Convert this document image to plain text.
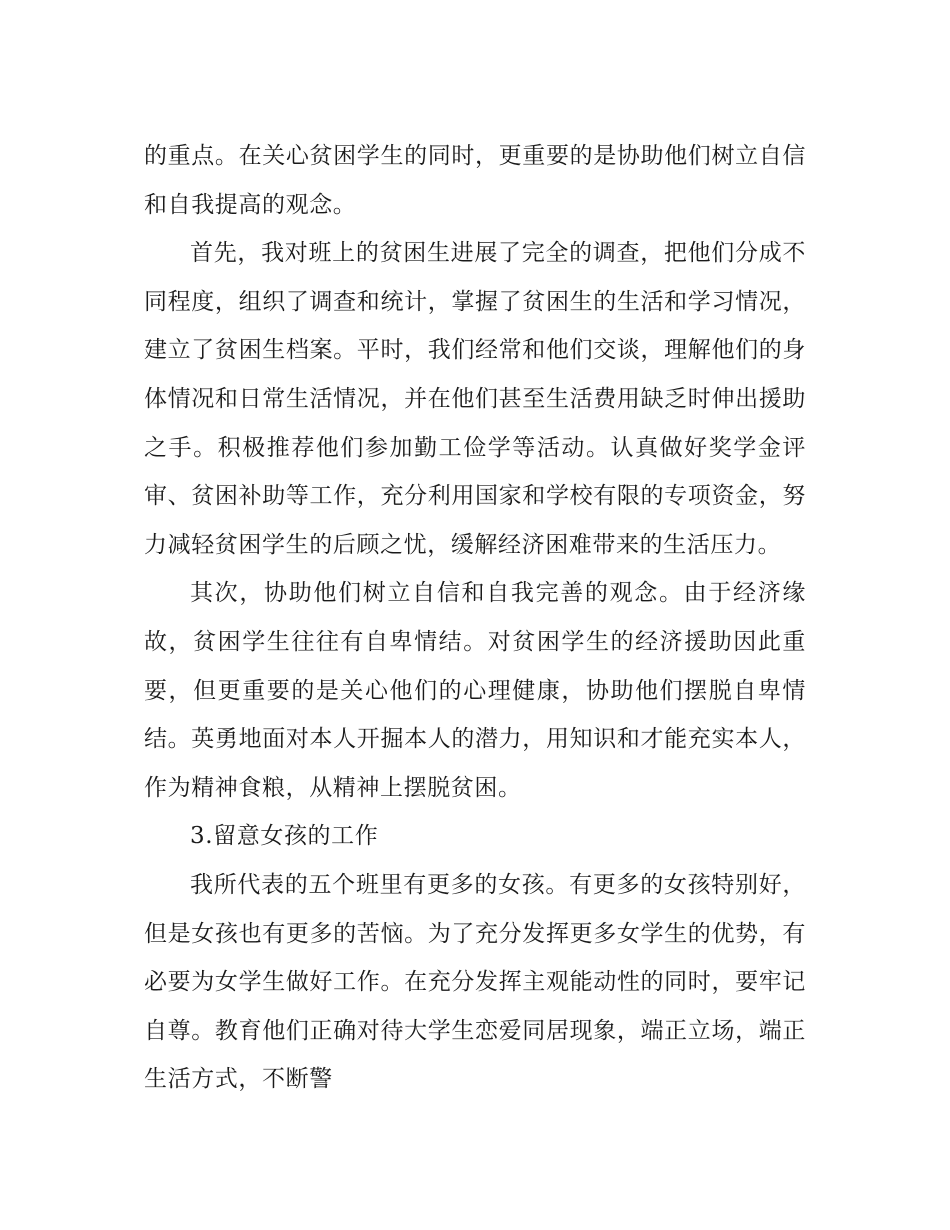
的重点。在关心贫困学生的同时，更重要的是协助他们树立自信和自我提高的观念。

首先，我对班上的贫困生进展了完全的调查，把他们分成不同程度，组织了调查和统计，掌握了贫困生的生活和学习情况，建立了贫困生档案。平时，我们经常和他们交谈，理解他们的身体情况和日常生活情况，并在他们甚至生活费用缺乏时伸出援助之手。积极推荐他们参加勤工俭学等活动。认真做好奖学金评审、贫困补助等工作，充分利用国家和学校有限的专项资金，努力减轻贫困学生的后顾之忧，缓解经济困难带来的生活压力。

其次，协助他们树立自信和自我完善的观念。由于经济缘故，贫困学生往往有自卑情结。对贫困学生的经济援助因此重要，但更重要的是关心他们的心理健康，协助他们摆脱自卑情结。英勇地面对本人开掘本人的潜力，用知识和才能充实本人，作为精神食粮，从精神上摆脱贫困。

3.留意女孩的工作

我所代表的五个班里有更多的女孩。有更多的女孩特别好，但是女孩也有更多的苦恼。为了充分发挥更多女学生的优势，有必要为女学生做好工作。在充分发挥主观能动性的同时，要牢记自尊。教育他们正确对待大学生恋爱同居现象，端正立场，端正生活方式，不断警
